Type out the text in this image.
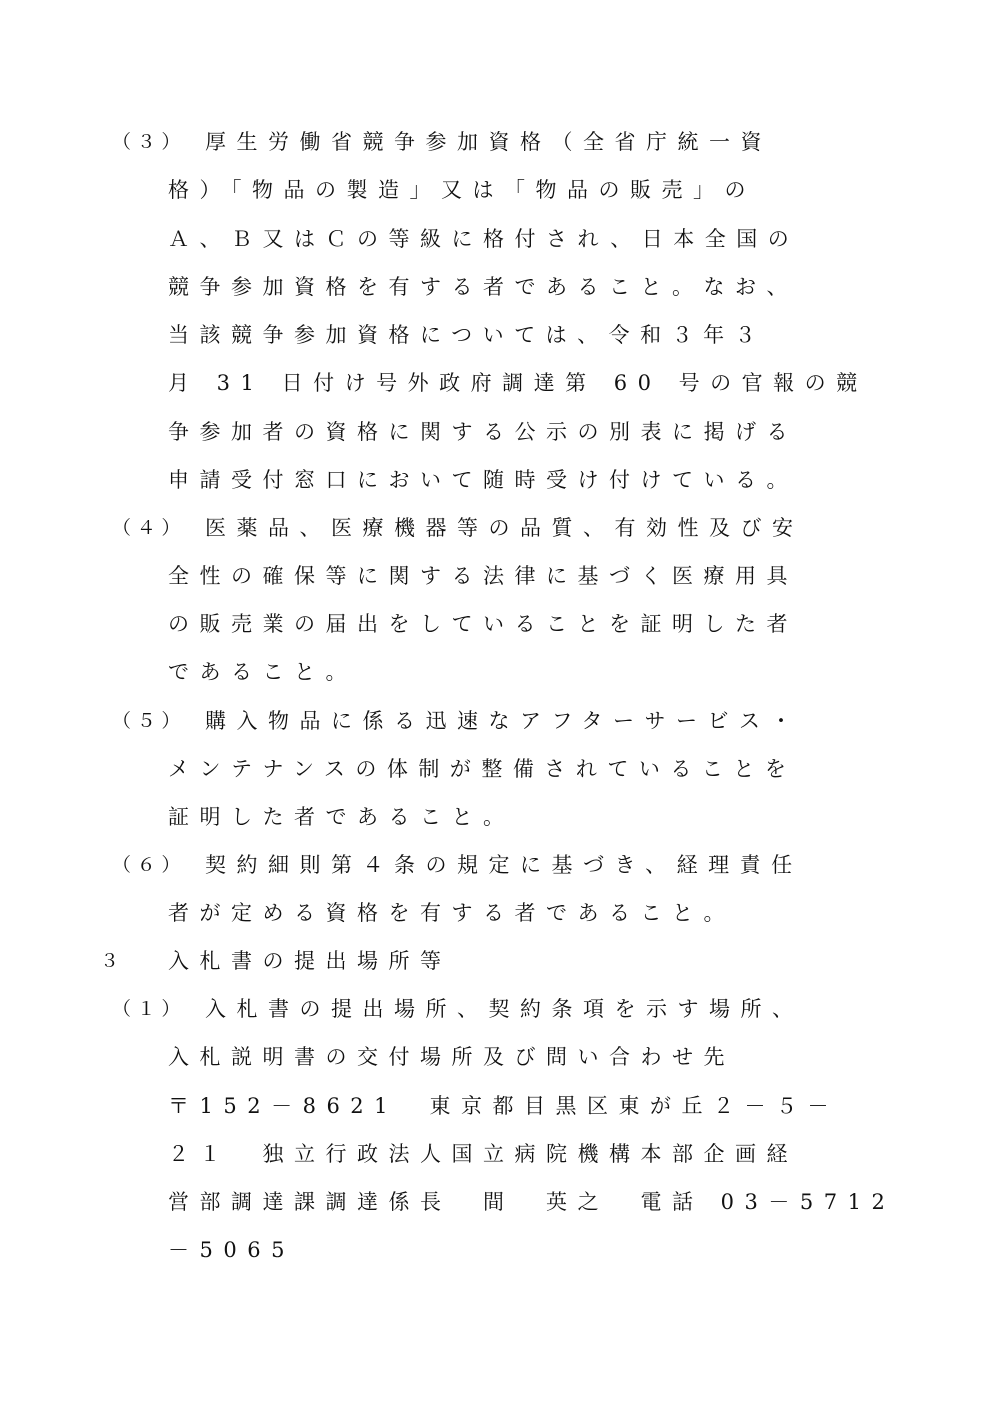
（３） 厚生労働省競争参加資格（全省庁統一資
格）「物品の製造」又は「物品の販売」の
Ａ、Ｂ又はＣの等級に格付され、日本全国の
競争参加資格を有する者であること。なお、
当該競争参加資格については、令和３年３
月 31 日付け号外政府調達第 60 号の官報の競
争参加者の資格に関する公示の別表に掲げる
申請受付窓口において随時受け付けている。
（４） 医薬品、医療機器等の品質、有効性及び安
全性の確保等に関する法律に基づく医療用具
の販売業の届出をしていることを証明した者
であること。
（５） 購入物品に係る迅速なアフターサービス・
メンテナンスの体制が整備されていることを
証明した者であること。
（６） 契約細則第４条の規定に基づき、経理責任
者が定める資格を有する者であること。
３ 入札書の提出場所等
（１） 入札書の提出場所、契約条項を示す場所、
入札説明書の交付場所及び問い合わせ先
〒152－8621　東京都目黒区東が丘２－５－
２１　独立行政法人国立病院機構本部企画経
営部調達課調達係長　間　英之　電話 03－5712
－5065
